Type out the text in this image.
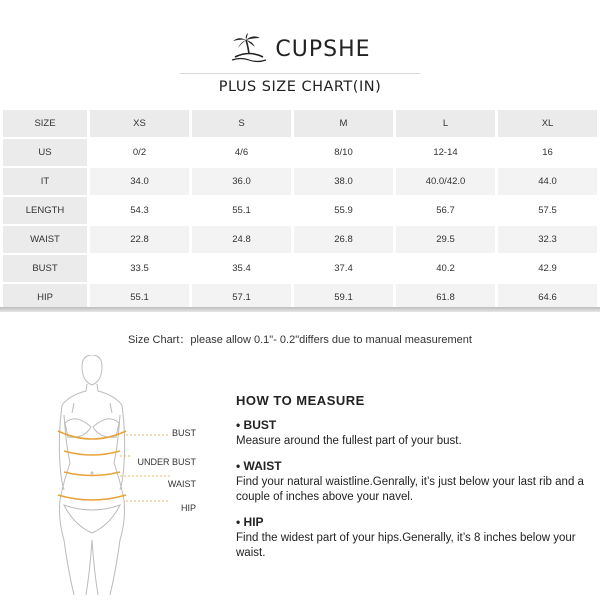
CUPSHE
PLUS SIZE CHART(IN)
SIZE	XS	S	M	L	XL
US	0/2	4/6	8/10	12-14	16
IT	34.0	36.0	38.0	40.0/42.0	44.0
LENGTH	54.3	55.1	55.9	56.7	57.5
WAIST	22.8	24.8	26.8	29.5	32.3
BUST	33.5	35.4	37.4	40.2	42.9
HIP	55.1	57.1	59.1	61.8	64.6
Size Chart：please allow 0.1"- 0.2"differs due to manual measurement
BUST
UNDER BUST
WAIST
HIP
HOW TO MEASURE
• BUST
Measure around the fullest part of your bust.
• WAIST
Find your natural waistline.Genrally, it’s just below your last rib and a couple of inches above your navel.
• HIP
Find the widest part of your hips.Generally, it’s 8 inches below your waist.
